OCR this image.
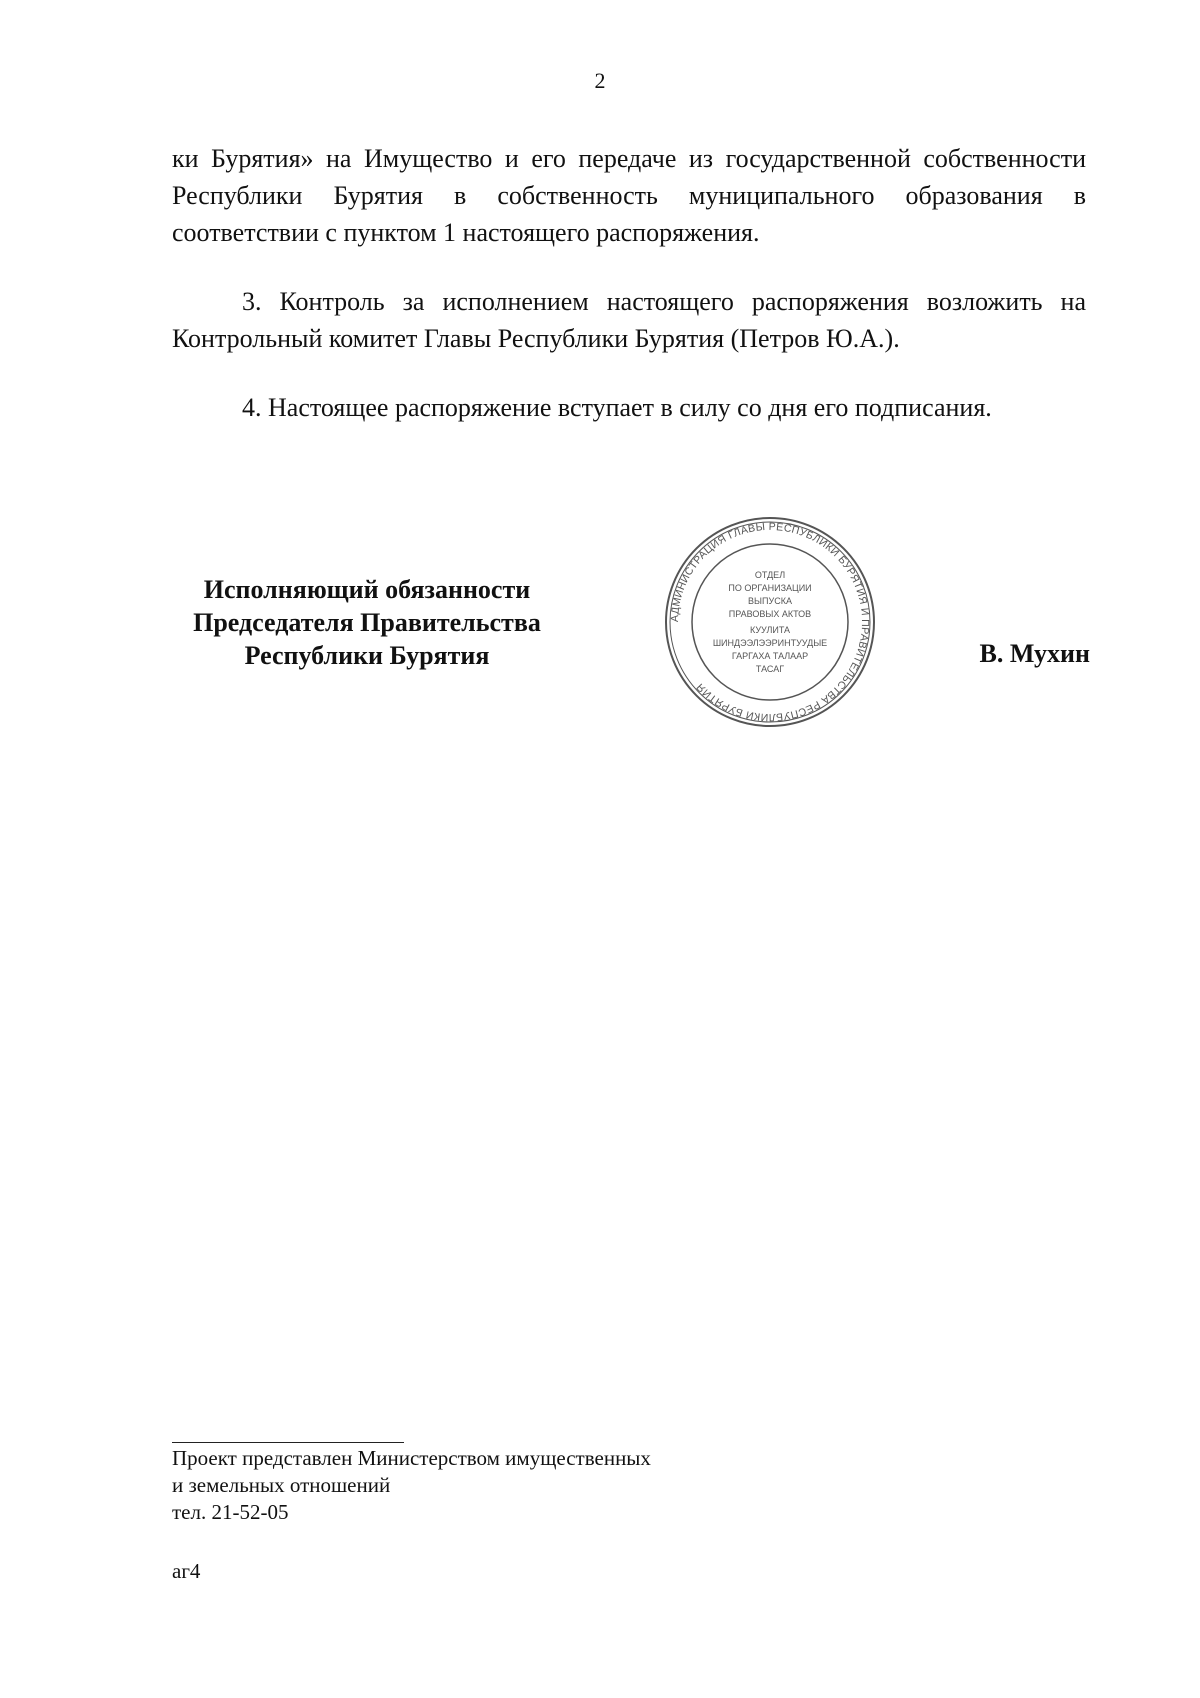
2

ки Бурятия» на Имущество и его передаче из государственной собственности Республики Бурятия в собственность муниципального образования в соответствии с пунктом 1 настоящего распоряжения.

3. Контроль за исполнением настоящего распоряжения возложить на Контрольный комитет Главы Республики Бурятия (Петров Ю.А.).

4. Настоящее распоряжение вступает в силу со дня его подписания.

Исполняющий обязанности
Председателя Правительства
Республики Бурятия
АДМИНИСТРАЦИЯ ГЛАВЫ РЕСПУБЛИКИ БУРЯТИЯ И ПРАВИТЕЛЬСТВА РЕСПУБЛИКИ БУРЯТИЯ
ОТДЕЛ
ПО ОРГАНИЗАЦИИ
ВЫПУСКА
ПРАВОВЫХ АКТОВ
КУУЛИТА
ШИНДЭЭЛЭЭРИНТУУДЫЕ
ГАРГАХА ТАЛААР
ТАСАГ
В. Мухин
Проект представлен Министерством имущественных
и земельных отношений
тел. 21-52-05
аг4
